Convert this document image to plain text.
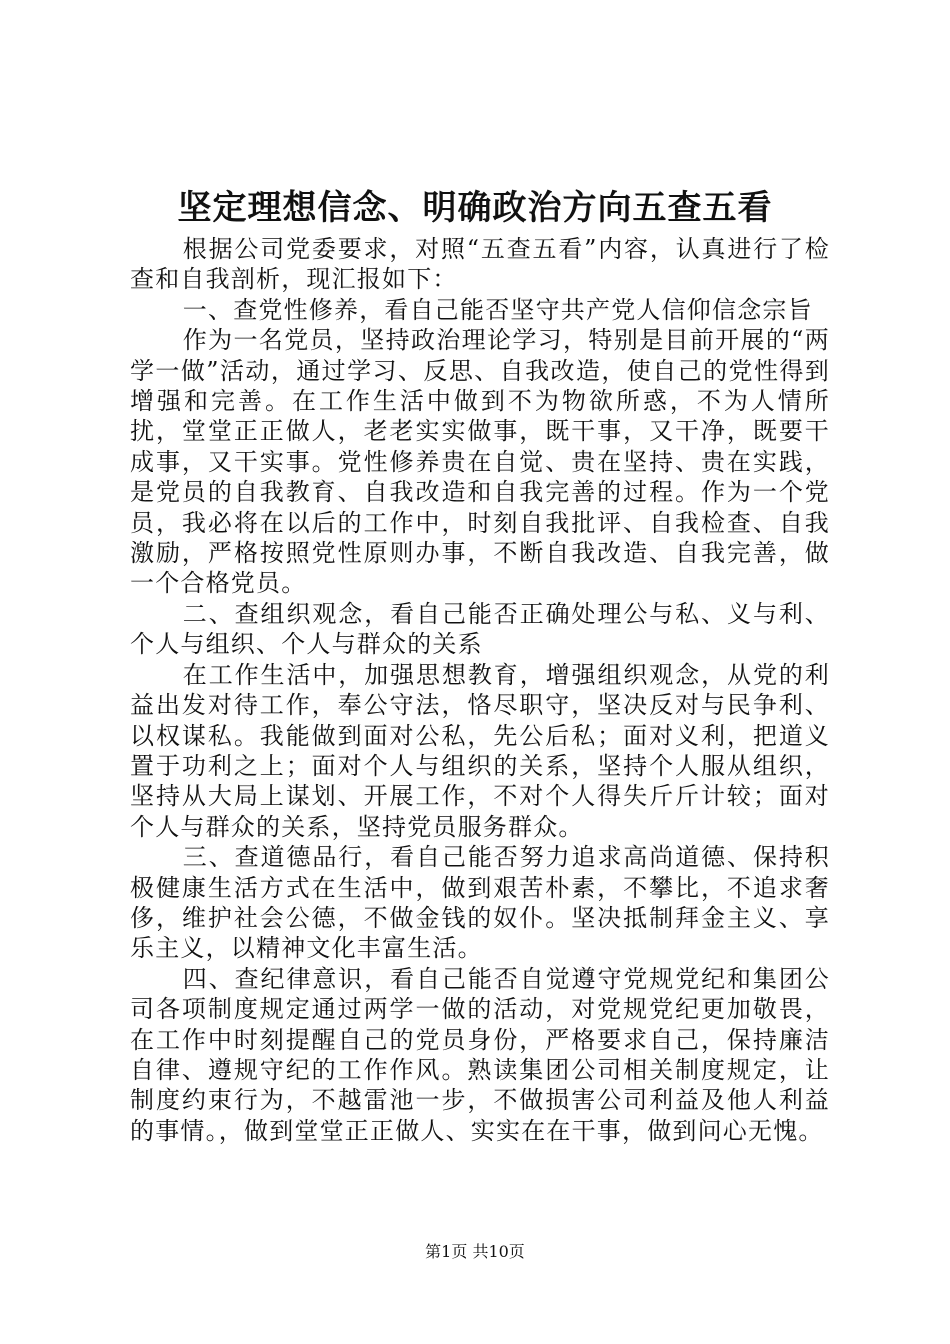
坚定理想信念、明确政治方向五查五看

根据公司党委要求，对照“五查五看”内容，认真进行了检查和自我剖析，现汇报如下：

一、查党性修养，看自己能否坚守共产党人信仰信念宗旨

作为一名党员，坚持政治理论学习，特别是目前开展的“两学一做”活动，通过学习、反思、自我改造，使自己的党性得到增强和完善。在工作生活中做到不为物欲所惑，不为人情所扰，堂堂正正做人，老老实实做事，既干事，又干净，既要干成事，又干实事。党性修养贵在自觉、贵在坚持、贵在实践，是党员的自我教育、自我改造和自我完善的过程。作为一个党员，我必将在以后的工作中，时刻自我批评、自我检查、自我激励，严格按照党性原则办事，不断自我改造、自我完善，做一个合格党员。

二、查组织观念，看自己能否正确处理公与私、义与利、个人与组织、个人与群众的关系

在工作生活中，加强思想教育，增强组织观念，从党的利益出发对待工作，奉公守法，恪尽职守，坚决反对与民争利、以权谋私。我能做到面对公私，先公后私；面对义利，把道义置于功利之上；面对个人与组织的关系，坚持个人服从组织，坚持从大局上谋划、开展工作，不对个人得失斤斤计较；面对个人与群众的关系，坚持党员服务群众。

三、查道德品行，看自己能否努力追求高尚道德、保持积极健康生活方式在生活中，做到艰苦朴素，不攀比，不追求奢侈，维护社会公德，不做金钱的奴仆。坚决抵制拜金主义、享乐主义，以精神文化丰富生活。

四、查纪律意识，看自己能否自觉遵守党规党纪和集团公司各项制度规定通过两学一做的活动，对党规党纪更加敬畏，在工作中时刻提醒自己的党员身份，严格要求自己，保持廉洁自律、遵规守纪的工作作风。熟读集团公司相关制度规定，让制度约束行为，不越雷池一步，不做损害公司利益及他人利益的事情。，做到堂堂正正做人、实实在在干事，做到问心无愧。

第1页 共10页
